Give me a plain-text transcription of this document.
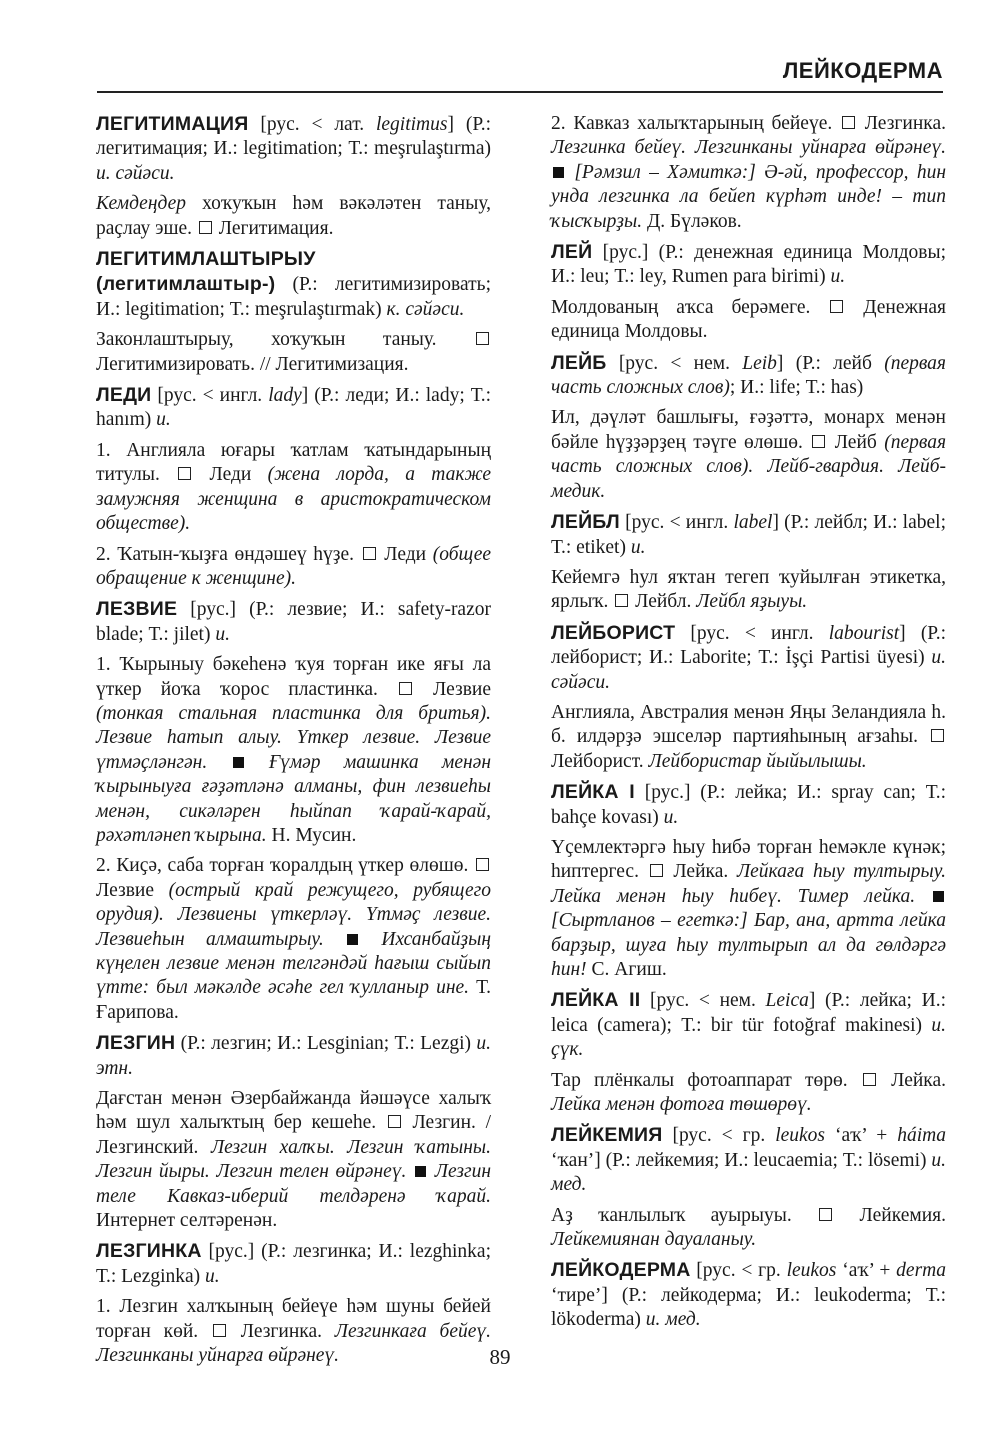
ЛЕЙКОДЕРМА

ЛЕГИТИМАЦИЯ [рус. < лат. legitimus] (Р.: легитимация; И.: legitimation; Т.: meşrulaştırma) и. сәйәси.

Кемдеңдер хоҡуҡын һәм вәкәләтен таныу, раҫлау эше. Легитимация.

ЛЕГИТИМЛАШТЫРЫУ (легитимлаштыр-) (Р.: легитимизировать; И.: legitimation; Т.: meşrulaştırmak) к. сәйәси.

Законлаштырыу, хоҡуҡын таныу.  Легитимизировать. // Легитимизация.

ЛЕДИ [рус. < ингл. lady] (Р.: леди; И.: lady; Т.: hanım) и.

1. Англияла юғары ҡатлам ҡатындарының титулы.	Леди (жена лорда, а также замужняя женщина в аристократическом обществе).

2. Ҡатын-ҡыҙға өндәшеү һүҙе. Леди (общее обращение к женщине).

ЛЕЗВИЕ [рус.] (Р.: лезвие; И.: safety-razor blade; Т.: jilet) и.

1. Ҡырыныу бәкеһенә ҡуя торған ике яғы ла үткер йоҡа ҡорос пластинка.	Лезвие (тонкая стальная пластинка для бритья). Лезвие һатып алыу. Үткер лезвие. Лезвие үтмәҫләнгән.	Ғүмәр машинка менән ҡырыныуға ғәҙәтләнә алманы, фин лезвиеһы менән, сикәләрен һыйпап ҡарай-ҡарай, рәхәтләнеп ҡырына. Н. Мусин.

2. Киҫә, саба торған ҡоралдың үткер өлөшө.  Лезвие (острый край режущего, рубящего орудия). Лезвиены үткерләү. Үтмәҫ лезвие. Лезвиеһын алмаштырыу.	Ихсанбайҙың күңелен лезвие менән телгәндәй һағыш сыйып үтте: был мәкәлде әсәһе гел ҡулланыр ине. Т. Ғарипова.

ЛЕЗГИН (Р.: лезгин; И.: Lesginian; Т.: Lezgi) и. этн.

Дағстан менән Әзербайжанда йәшәүсе халыҡ һәм шул халыҡтың бер кешеһе. Лезгин. / Лезгинский. Лезгин халҡы. Лезгин ҡатыны. Лезгин йыры. Лезгин телен өйрәнеү. Лезгин теле Кавказ-иберий телдәренә ҡарай. Интернет селтәренән.

ЛЕЗГИНКА [рус.] (Р.: лезгинка; И.: lezghinka; Т.: Lezginka) и.

1. Лезгин халҡының бейеүе һәм шуны бейей торған көй. Лезгинка. Лезгинкаға бейеү. Лезгинканы уйнарға өйрәнеү.

2. Кавказ халыҡтарының бейеүе. Лезгинка. Лезгинка бейеү. Лезгинканы уйнарға өйрәнеү.  [Рәмзил – Хәмиткә:] Ә-әй, профессор, һин унда лезгинка ла бейеп күрһәт инде! – тип ҡысҡырҙы. Д. Бүләков.

ЛЕЙ [рус.] (Р.: денежная единица Молдовы; И.: leu; Т.: ley, Rumen para birimi) и.

Молдованың аҡса берәмеге.	Денежная единица Молдовы.

ЛЕЙБ [рус. < нем. Leib] (Р.: лейб (первая часть сложных слов); И.: life; Т.: has)

Ил, дәүләт башлығы, ғәҙәттә, монарх менән бәйле һүҙҙәрҙең тәүге өлөшө. Лейб (первая часть сложных слов). Лейб-гвардия. Лейб-медик.

ЛЕЙБЛ [рус. < ингл. label] (Р.: лейбл; И.: label; Т.: etiket) и.

Кейемгә һул яҡтан тегеп ҡуйылған этикетка, ярлыҡ. Лейбл. Лейбл яҙыуы.

ЛЕЙБОРИСТ [рус. < ингл. labourist] (Р.: лейборист; И.: Laborite; Т.: İşçi Partisi üyesi) и. сәйәси.

Англияла, Австралия менән Яңы Зеландияла һ. б. илдәрҙә эшселәр партияһының ағзаһы.  Лейборист. Лейбористар йыйылышы.

ЛЕЙКА I [рус.] (Р.: лейка; И.: spray can; Т.: bahçe kovası) и.

Үҫемлектәргә һыу һибә торған һемәкле күнәк; һиптергес. Лейка. Лейкаға һыу тултырыу. Лейка менән һыу һибеү. Тимер лейка.  [Сыртланов – егеткә:] Бар, ана, артта лейка барҙыр, шуға һыу тултырып ал да гөлдәргә һин! С. Агиш.

ЛЕЙКА II [рус. < нем. Leica] (Р.: лейка; И.: leica (camera); Т.: bir tür fotoğraf makinesi) и. ҫүк.

Тар плёнкалы фотоаппарат төрө. Лейка. Лейка менән фотоға төшөрөү.

ЛЕЙКЕМИЯ [рус. < гр. leukos ‘аҡ’ + háima ‘ҡан’] (Р.: лейкемия; И.: leucaemia; Т.: lösemi) и. мед.

Аҙ ҡанлылыҡ ауырыуы.	Лейкемия. Лейкемиянан дауаланыу.

ЛЕЙКОДЕРМА [рус. < гр. leukos ‘аҡ’ + derma ‘тире’] (Р.: лейкодерма; И.: leukoderma; Т.: lökoderma) и. мед.

89
